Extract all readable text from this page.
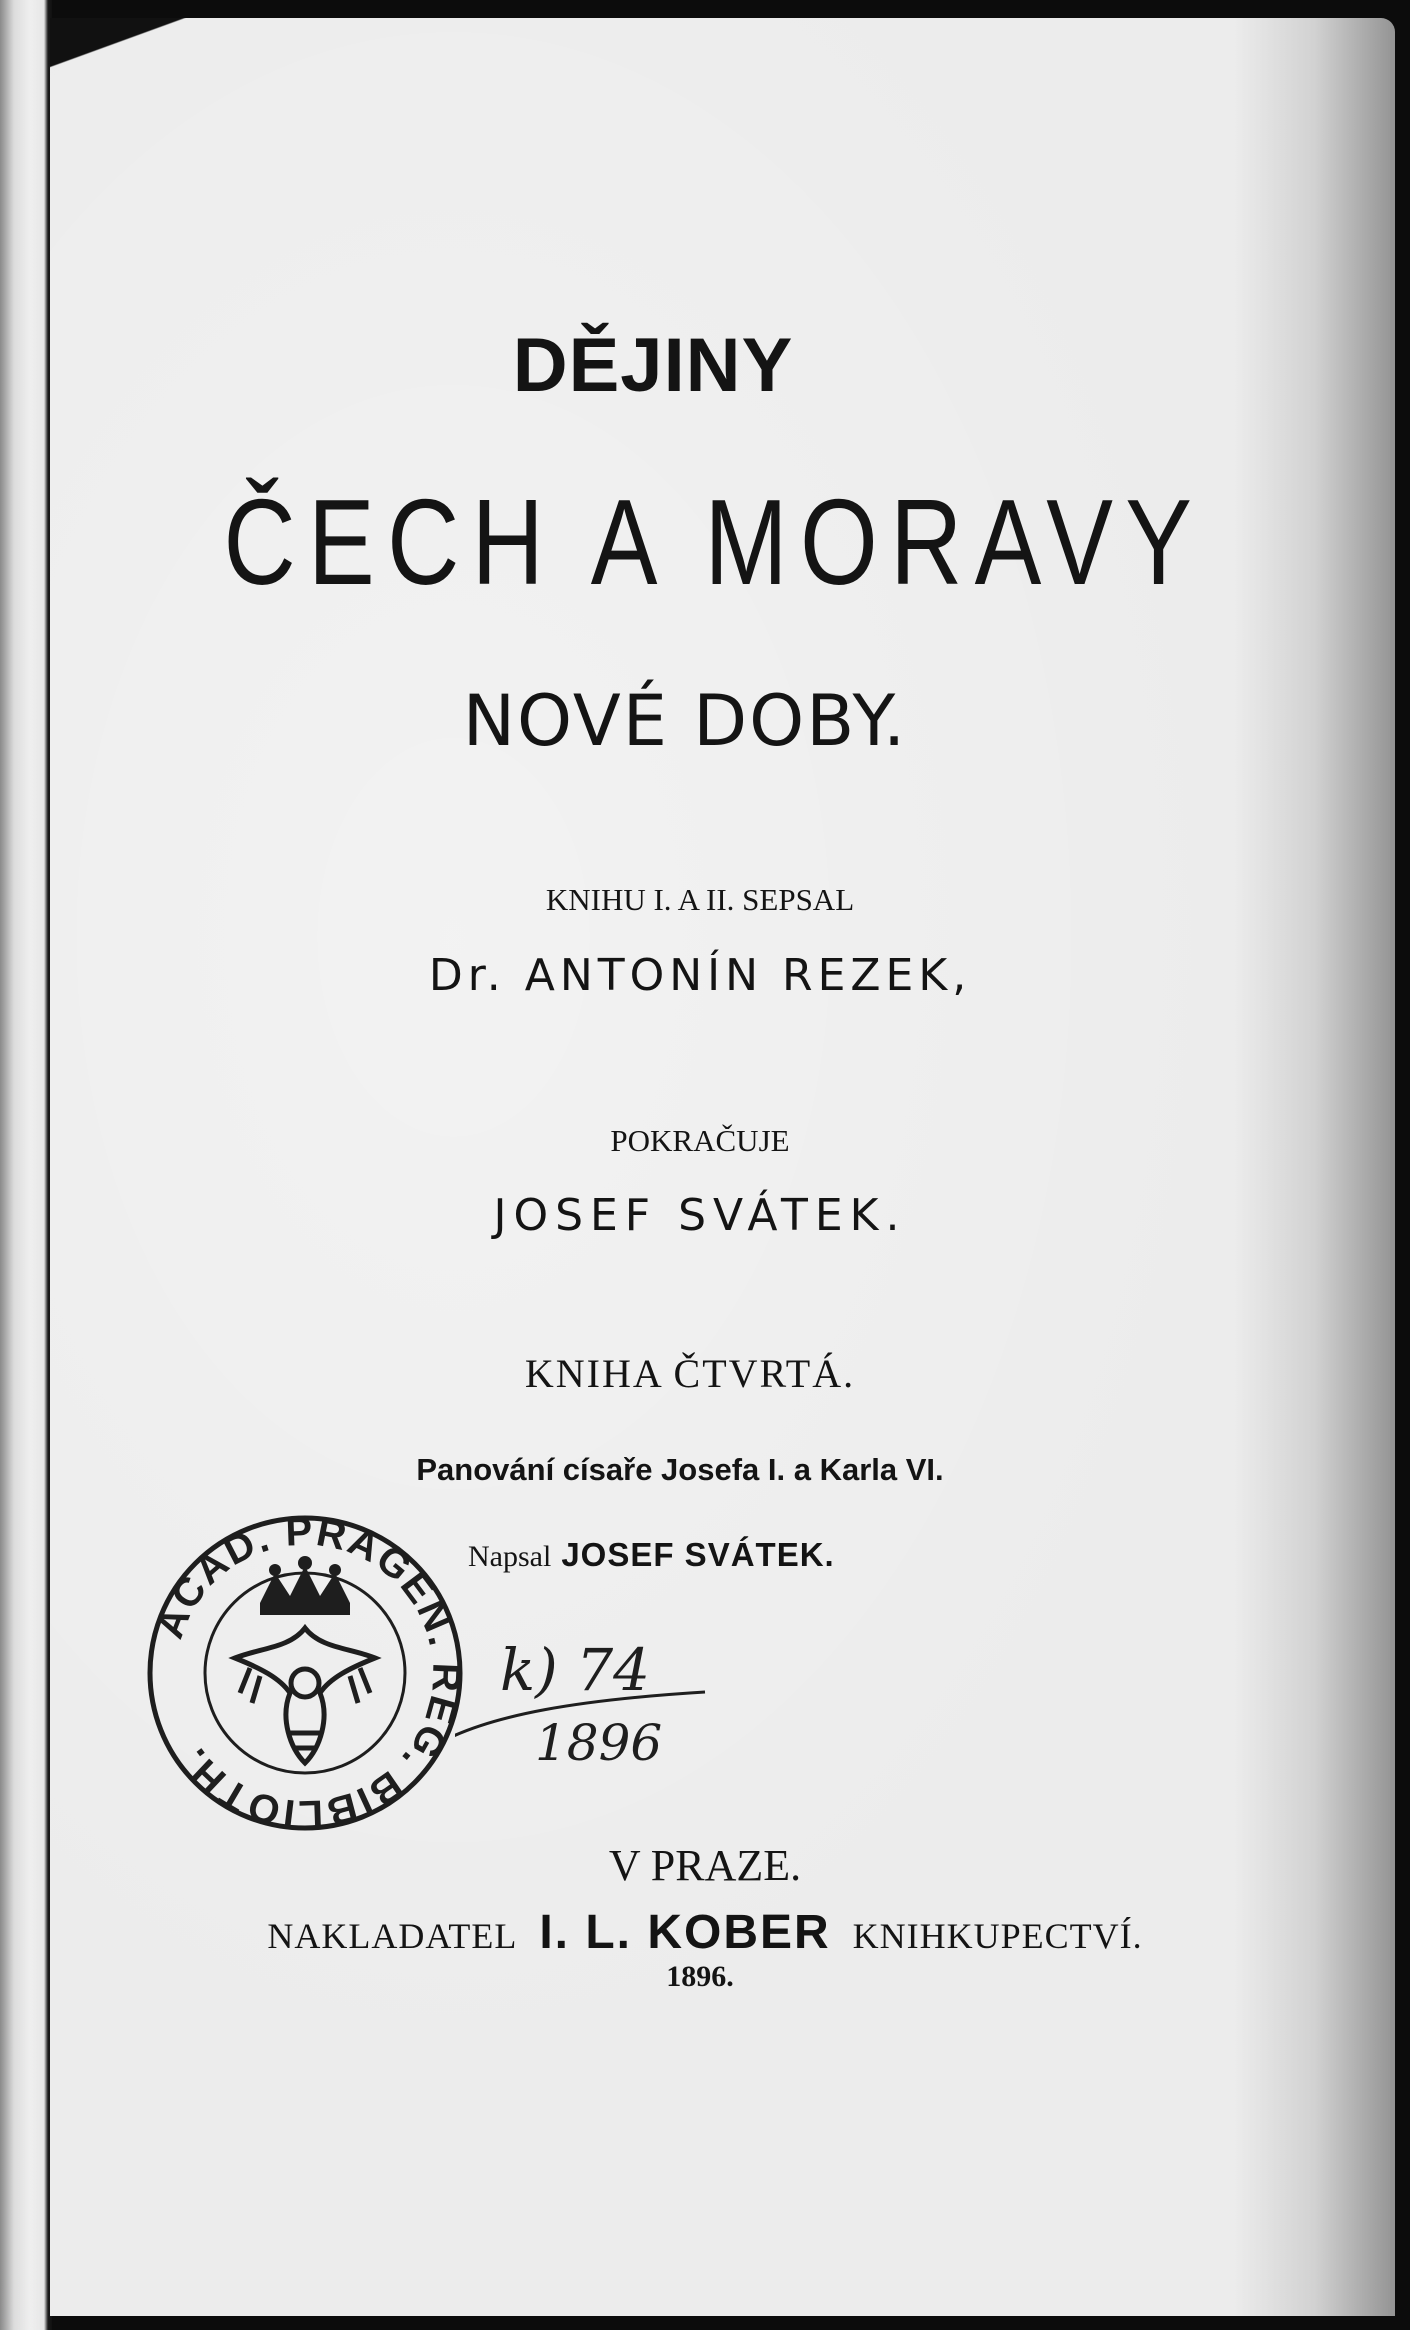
DĚJINY
ČECH A MORAVY
NOVÉ DOBY.
KNIHU I. A II. SEPSAL
Dr. ANTONÍN REZEK,
POKRAČUJE
JOSEF SVÁTEK.
KNIHA ČTVRTÁ.
Panování císaře Josefa I. a Karla VI.
Napsal JOSEF SVÁTEK.
ACAD. PRAGEN. REG. BIBLIOTH.
k) 74
1896
V PRAZE.
NAKLADATEL I. L. KOBER KNIHKUPECTVÍ.
1896.
